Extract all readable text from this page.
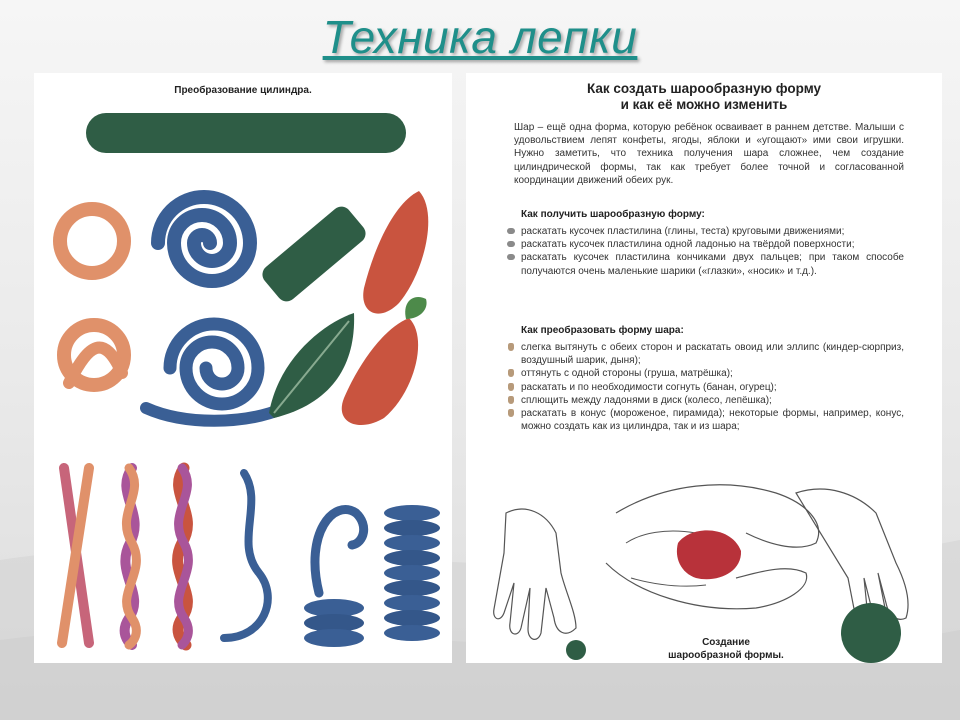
Техника лепки
Преобразование цилиндра.	Как создать шарообразную форму
и как её можно изменить
Шар – ещё одна форма, которую ребёнок осваивает в раннем детстве. Малыши с удовольствием лепят конфеты, ягоды, яблоки и «угощают» ими свои игрушки. Нужно заметить, что техника получения шара сложнее, чем создание цилиндрической формы, так как требует более точной и согласованной координации движений обеих рук.
Как получить шарообразную форму:
раскатать кусочек пластилина (глины, теста) круговыми движениями;
раскатать кусочек пластилина одной ладонью на твёрдой поверхности;
раскатать кусочек пластилина кончиками двух пальцев; при таком способе получаются очень маленькие шарики («глазки», «носик» и т.д.).
Как преобразовать форму шара:
слегка вытянуть с обеих сторон и раскатать овоид или эллипс (киндер-сюрприз, воздушный шарик, дыня);
оттянуть с одной стороны (груша, матрёшка);
раскатать и по необходимости согнуть (банан, огурец);
сплющить между ладонями в диск (колесо, лепёшка);
раскатать в конус (мороженое, пирамида); некоторые формы, например, конус, можно создать как из цилиндра, так и из шара;
Создание
шарообразной формы.
